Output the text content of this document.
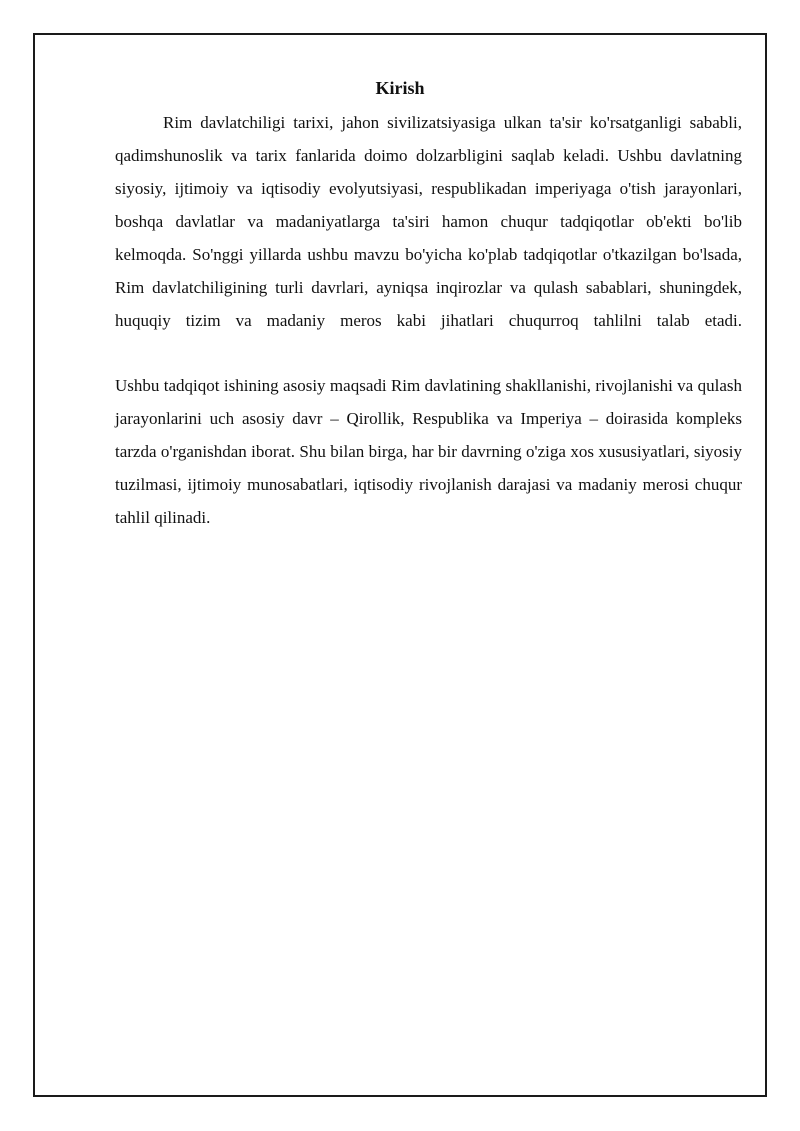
Kirish

Rim davlatchiligi tarixi, jahon sivilizatsiyasiga ulkan ta'sir ko'rsatganligi sababli, qadimshunoslik va tarix fanlarida doimo dolzarbligini saqlab keladi. Ushbu davlatning siyosiy, ijtimoiy va iqtisodiy evolyutsiyasi, respublikadan imperiyaga o'tish jarayonlari, boshqa davlatlar va madaniyatlarga ta'siri hamon chuqur tadqiqotlar ob'ekti bo'lib kelmoqda. So'nggi yillarda ushbu mavzu bo'yicha ko'plab tadqiqotlar o'tkazilgan bo'lsada, Rim davlatchiligining turli davrlari, ayniqsa inqirozlar va qulash sabablari, shuningdek, huquqiy tizim va madaniy meros kabi jihatlari chuqurroq tahlilni talab etadi.

Ushbu tadqiqot ishining asosiy maqsadi Rim davlatining shakllanishi, rivojlanishi va qulash jarayonlarini uch asosiy davr – Qirollik, Respublika va Imperiya – doirasida kompleks tarzda o'rganishdan iborat. Shu bilan birga, har bir davrning o'ziga xos xususiyatlari, siyosiy tuzilmasi, ijtimoiy munosabatlari, iqtisodiy rivojlanish darajasi va madaniy merosi chuqur tahlil qilinadi.
